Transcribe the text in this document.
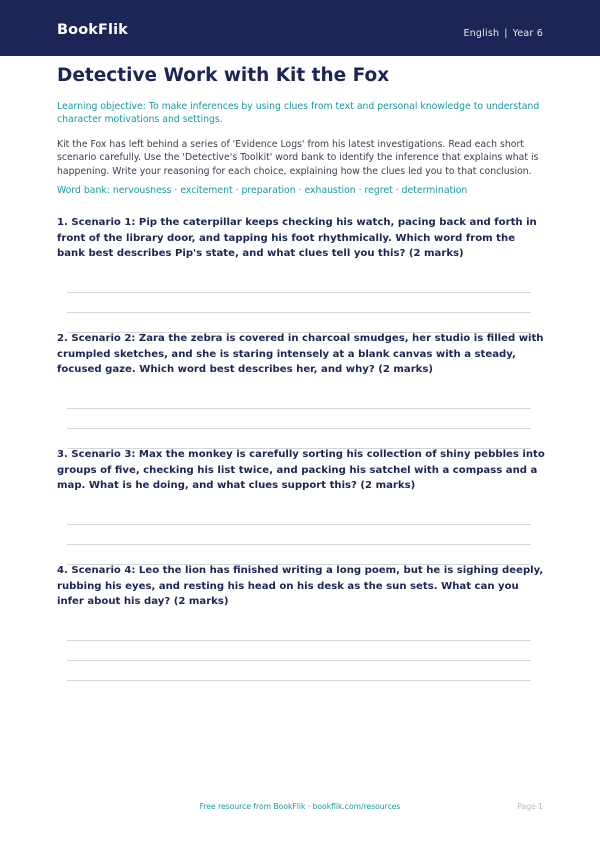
BookFlik	English | Year 6
Detective Work with Kit the Fox

Learning objective: To make inferences by using clues from text and personal knowledge to understand character motivations and settings.

Kit the Fox has left behind a series of 'Evidence Logs' from his latest investigations. Read each short scenario carefully. Use the 'Detective's Toolkit' word bank to identify the inference that explains what is happening. Write your reasoning for each choice, explaining how the clues led you to that conclusion.

Word bank: nervousness · excitement · preparation · exhaustion · regret · determination

1. Scenario 1: Pip the caterpillar keeps checking his watch, pacing back and forth in front of the library door, and tapping his foot rhythmically. Which word from the bank best describes Pip's state, and what clues tell you this? (2 marks)

2. Scenario 2: Zara the zebra is covered in charcoal smudges, her studio is filled with crumpled sketches, and she is staring intensely at a blank canvas with a steady, focused gaze. Which word best describes her, and why? (2 marks)

3. Scenario 3: Max the monkey is carefully sorting his collection of shiny pebbles into groups of five, checking his list twice, and packing his satchel with a compass and a map. What is he doing, and what clues support this? (2 marks)

4. Scenario 4: Leo the lion has finished writing a long poem, but he is sighing deeply, rubbing his eyes, and resting his head on his desk as the sun sets. What can you infer about his day? (2 marks)

Free resource from BookFlik · bookflik.com/resources	Page 1
